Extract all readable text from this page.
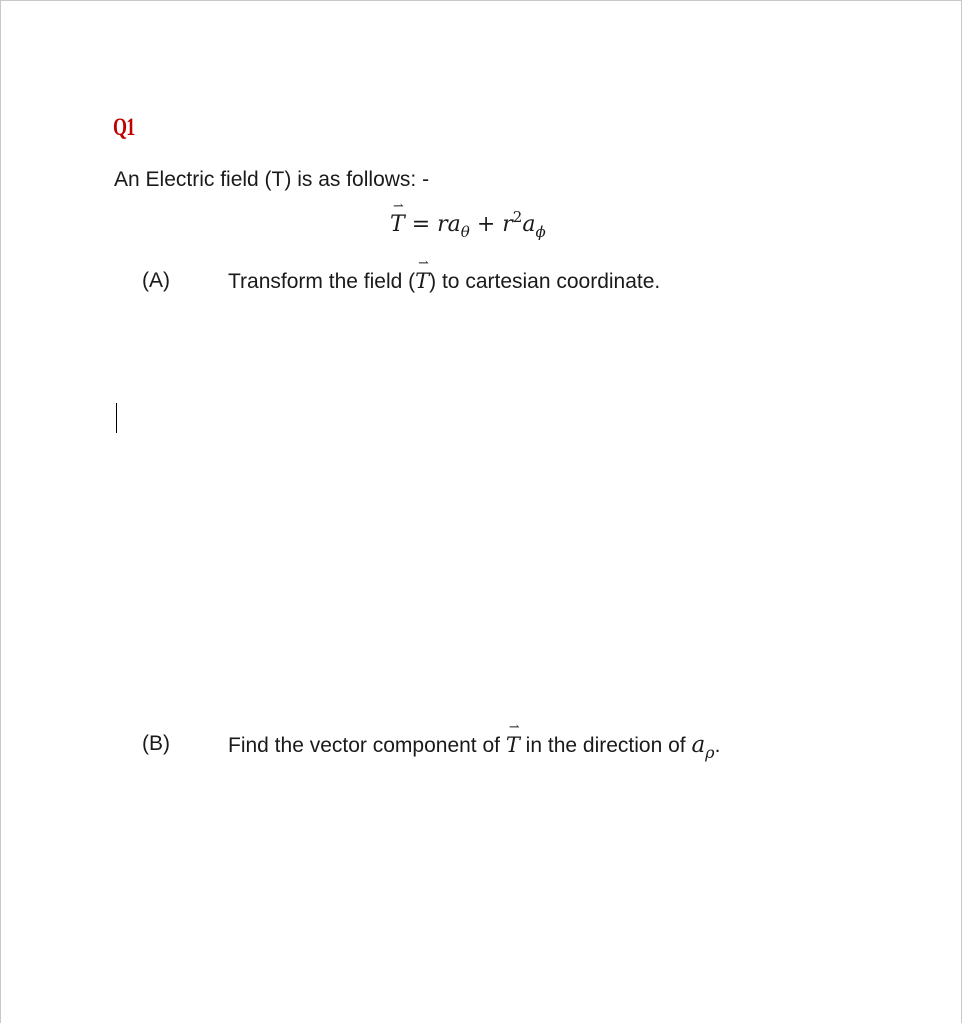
Q1
An Electric field (T) is as follows: -
T
⇀
= $ra_\theta + r^2a_\phi$
(A)	Transform the field (T
⇀
) to cartesian coordinate.
(B)	Find the vector component of T
⇀
in the direction of $a_\rho$.
